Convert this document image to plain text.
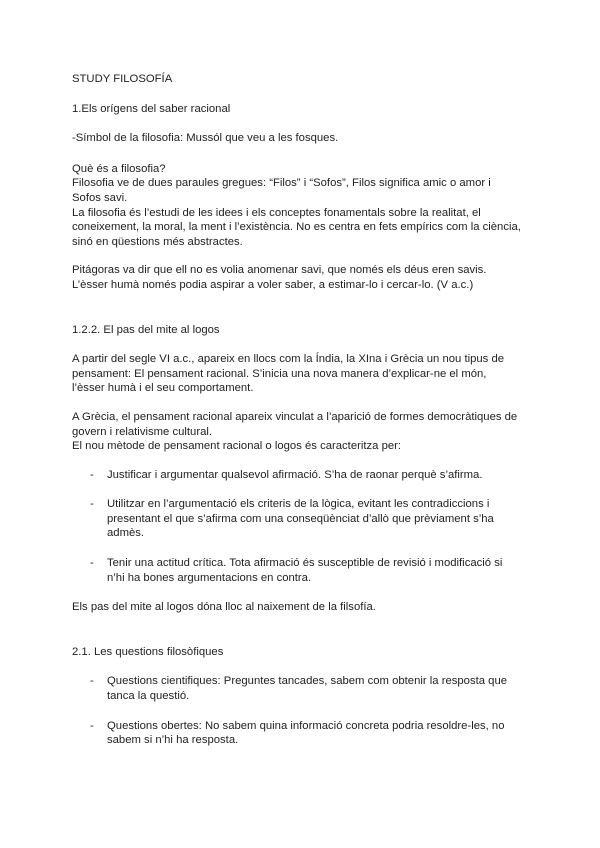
STUDY FILOSOFÍA

1.Els orígens del saber racional

-Símbol de la filosofia: Mussól que veu a les fosques.

Què és a filosofia?

Filosofia ve de dues paraules gregues: “Filos” i “Sofos”, Filos significa amic o amor i Sofos savi.

La filosofia és l’estudi de les idees i els conceptes fonamentals sobre la realitat, el coneixement, la moral, la ment i l’existència. No es centra en fets empírics com la ciència, sinó en qüestions més abstractes.

Pitágoras va dir que ell no es volia anomenar savi, que només els déus eren savis. L’èsser humà només podia aspirar a voler saber, a estimar-lo i cercar-lo. (V a.c.)

1.2.2. El pas del mite al logos

A partir del segle VI a.c., apareix en llocs com la Índia, la XIna i Grècia un nou tipus de pensament: El pensament racional. S’inicia una nova manera d’explicar-ne el món, l’èsser humà i el seu comportament.

A Grècia, el pensament racional apareix vinculat a l’aparició de formes democràtiques de govern i relativisme cultural.

El nou mètode de pensament racional o logos és caracteritza per:

- Justificar i argumentar qualsevol afirmació. S’ha de raonar perquè s’afirma.
- Utilitzar en l’argumentació els criteris de la lògica, evitant les contradiccions i presentant el que s’afirma com una conseqüènciat d’allò que prèviament s’ha admès.
- Tenir una actitud crítica. Tota afirmació és susceptible de revisió i modificació si n’hi ha bones argumentacions en contra.

Els pas del mite al logos dóna lloc al naixement de la filsofía.

2.1. Les questions filosòfiques

- Questions cientifiques: Preguntes tancades, sabem com obtenir la resposta que tanca la questió.
- Questions obertes: No sabem quina informació concreta podria resoldre-les, no sabem si n’hi ha resposta.
